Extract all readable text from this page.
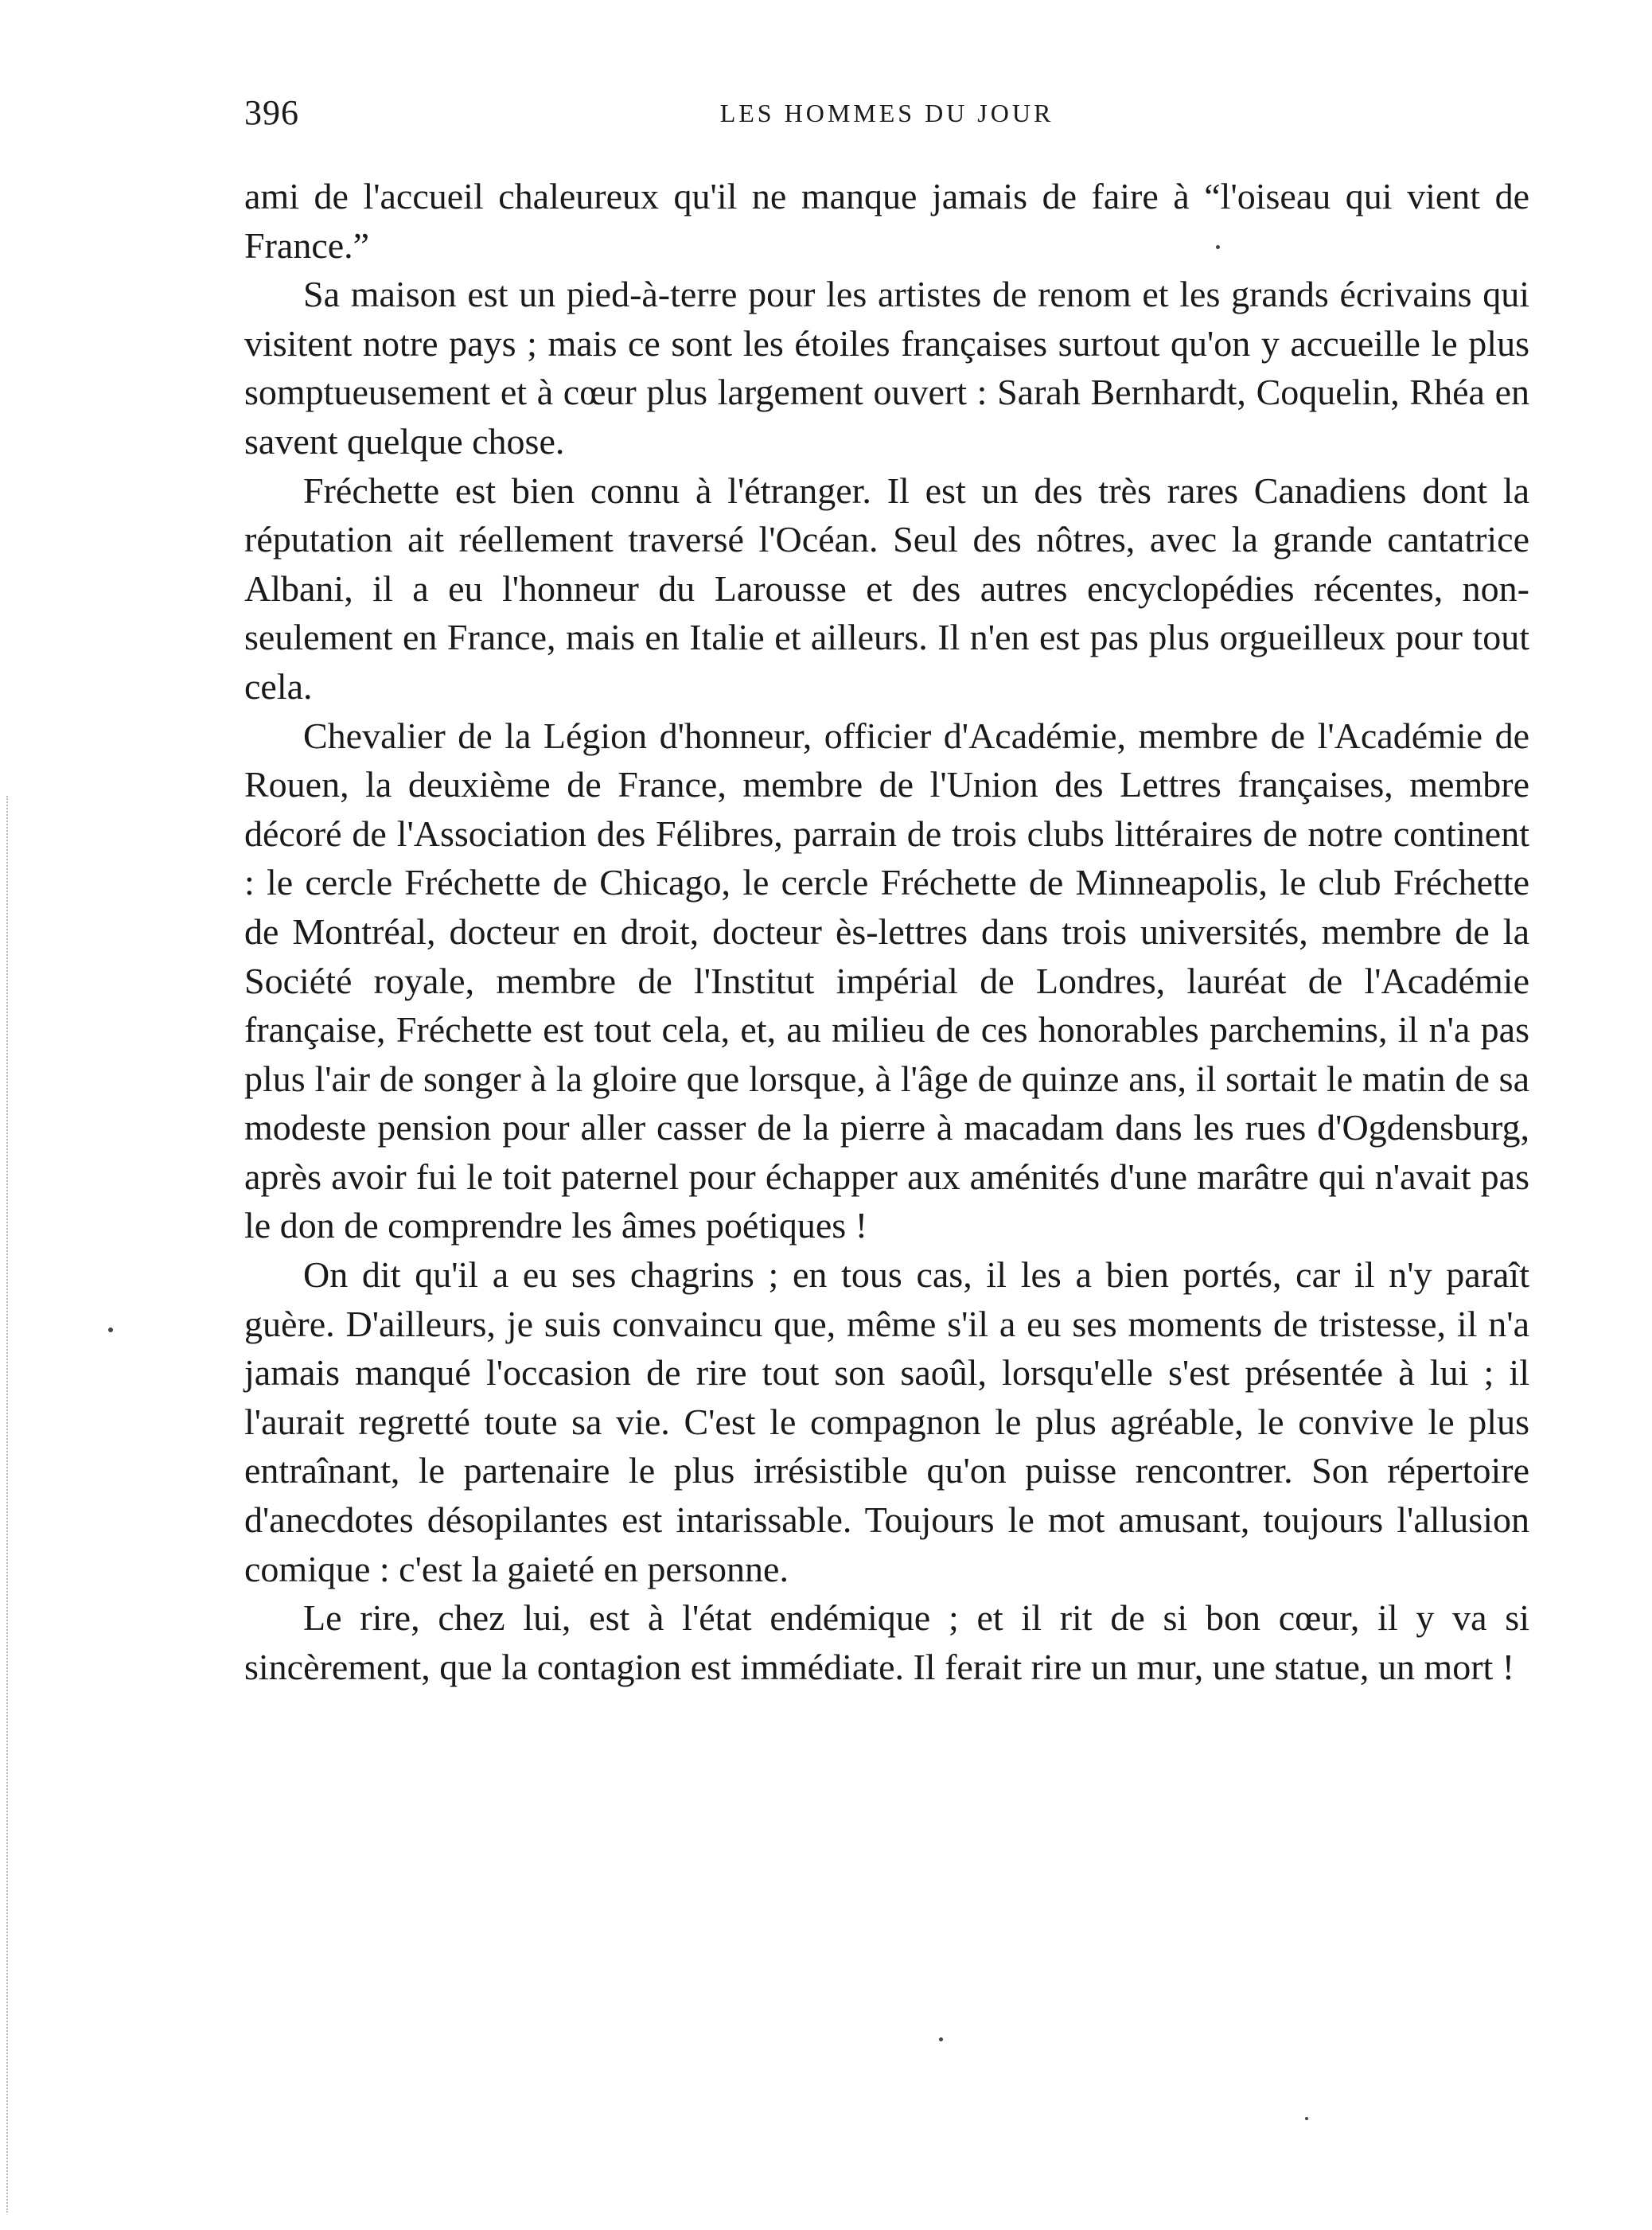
396	LES HOMMES DU JOUR

ami de l'accueil chaleureux qu'il ne manque jamais de faire à “l'oiseau qui vient de France.”

Sa maison est un pied-à-terre pour les artistes de renom et les grands écrivains qui visitent notre pays ; mais ce sont les étoiles françaises surtout qu'on y accueille le plus somptueusement et à cœur plus largement ouvert : Sarah Bernhardt, Coquelin, Rhéa en savent quelque chose.

Fréchette est bien connu à l'étranger. Il est un des très rares Canadiens dont la réputation ait réellement traversé l'Océan. Seul des nôtres, avec la grande cantatrice Albani, il a eu l'honneur du Larousse et des autres encyclopédies récentes, non-seulement en France, mais en Italie et ailleurs. Il n'en est pas plus orgueilleux pour tout cela.

Chevalier de la Légion d'honneur, officier d'Académie, membre de l'Académie de Rouen, la deuxième de France, membre de l'Union des Lettres françaises, membre décoré de l'Association des Félibres, parrain de trois clubs littéraires de notre continent : le cercle Fréchette de Chicago, le cercle Fréchette de Minneapolis, le club Fréchette de Montréal, docteur en droit, docteur ès-lettres dans trois universités, membre de la Société royale, membre de l'Institut impérial de Londres, lauréat de l'Académie française, Fréchette est tout cela, et, au milieu de ces honorables parchemins, il n'a pas plus l'air de songer à la gloire que lorsque, à l'âge de quinze ans, il sortait le matin de sa modeste pension pour aller casser de la pierre à macadam dans les rues d'Ogdensburg, après avoir fui le toit paternel pour échapper aux aménités d'une marâtre qui n'avait pas le don de comprendre les âmes poétiques !

On dit qu'il a eu ses chagrins ; en tous cas, il les a bien portés, car il n'y paraît guère. D'ailleurs, je suis convaincu que, même s'il a eu ses moments de tristesse, il n'a jamais manqué l'occasion de rire tout son saoûl, lorsqu'elle s'est présentée à lui ; il l'aurait regretté toute sa vie. C'est le compagnon le plus agréable, le convive le plus entraînant, le partenaire le plus irrésistible qu'on puisse rencontrer. Son répertoire d'anecdotes désopilantes est intarissable. Toujours le mot amusant, toujours l'allusion comique : c'est la gaieté en personne.

Le rire, chez lui, est à l'état endémique ; et il rit de si bon cœur, il y va si sincèrement, que la contagion est immédiate. Il ferait rire un mur, une statue, un mort !
